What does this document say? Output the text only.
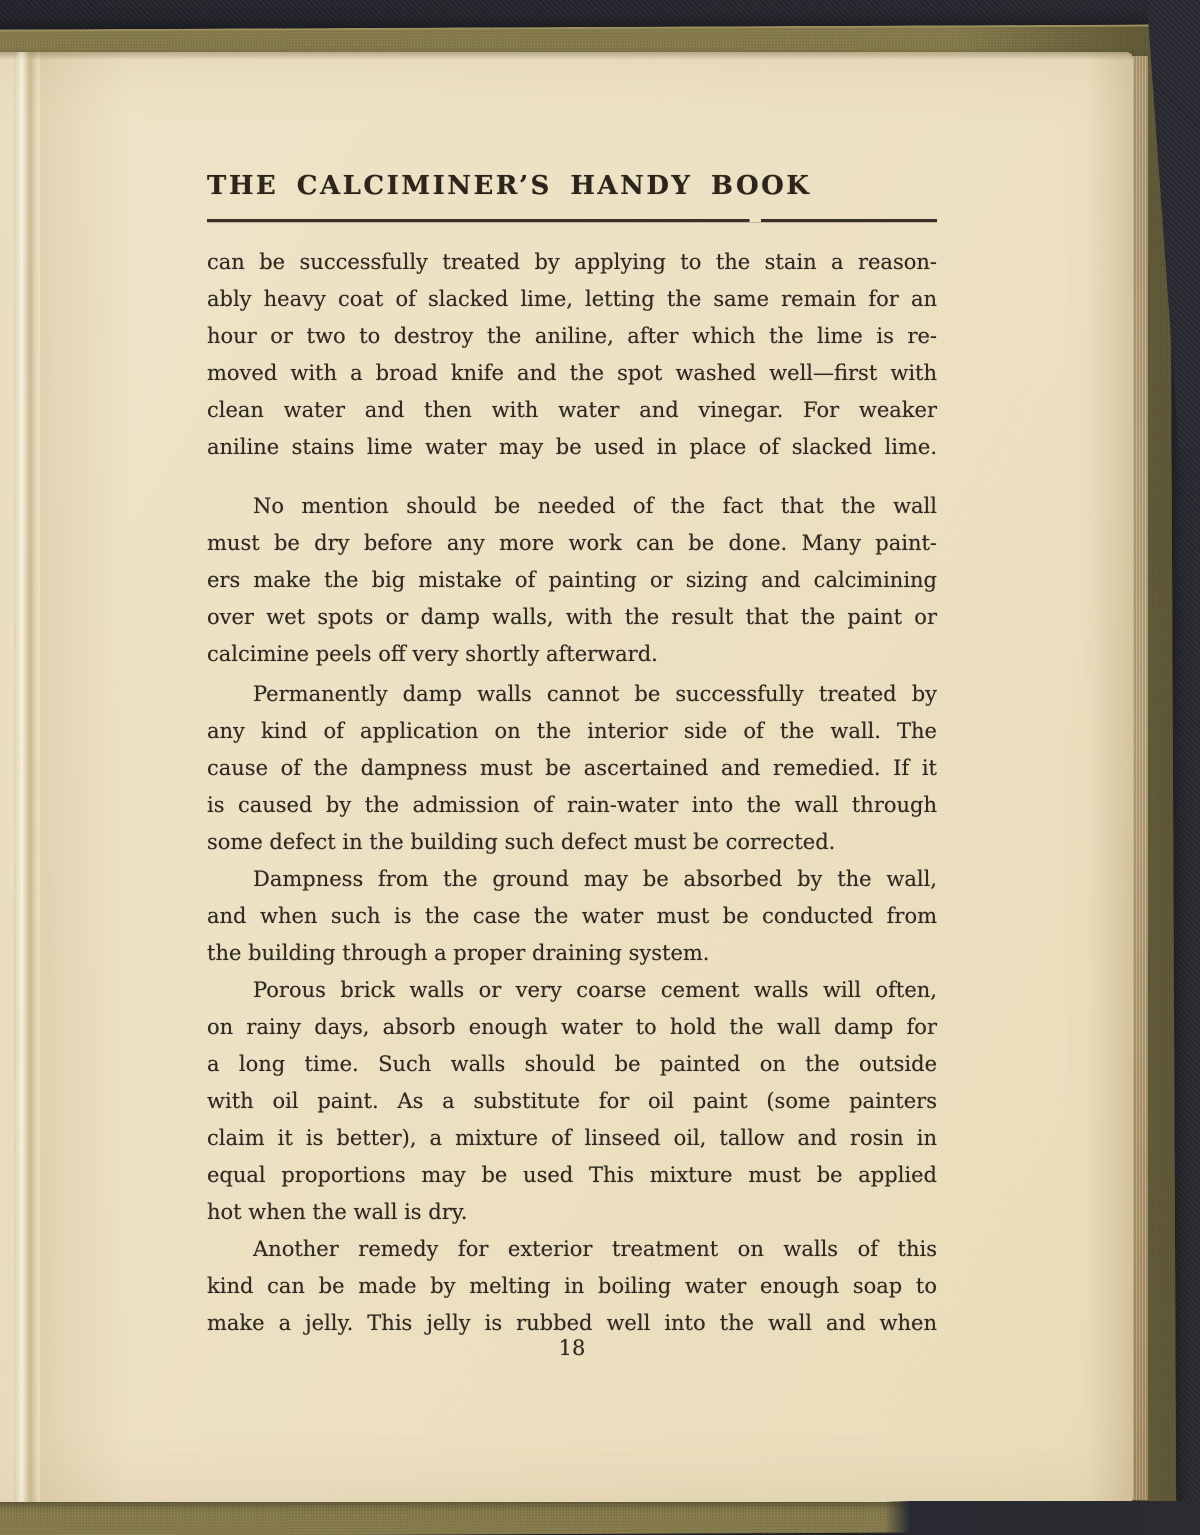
THE CALCIMINER’S HANDY BOOK
can be successfully treated by applying to the stain a reason-
ably heavy coat of slacked lime, letting the same remain for an
hour or two to destroy the aniline, after which the lime is re-
moved with a broad knife and the spot washed well—first with
clean water and then with water and vinegar. For weaker
aniline stains lime water may be used in place of slacked lime.
No mention should be needed of the fact that the wall
must be dry before any more work can be done. Many paint-
ers make the big mistake of painting or sizing and calcimining
over wet spots or damp walls, with the result that the paint or
calcimine peels off very shortly afterward.
Permanently damp walls cannot be successfully treated by
any kind of application on the interior side of the wall. The
cause of the dampness must be ascertained and remedied. If it
is caused by the admission of rain-water into the wall through
some defect in the building such defect must be corrected.
Dampness from the ground may be absorbed by the wall,
and when such is the case the water must be conducted from
the building through a proper draining system.
Porous brick walls or very coarse cement walls will often,
on rainy days, absorb enough water to hold the wall damp for
a long time. Such walls should be painted on the outside
with oil paint. As a substitute for oil paint (some painters
claim it is better), a mixture of linseed oil, tallow and rosin in
equal proportions may be used This mixture must be applied
hot when the wall is dry.
Another remedy for exterior treatment on walls of this
kind can be made by melting in boiling water enough soap to
make a jelly. This jelly is rubbed well into the wall and when
18
